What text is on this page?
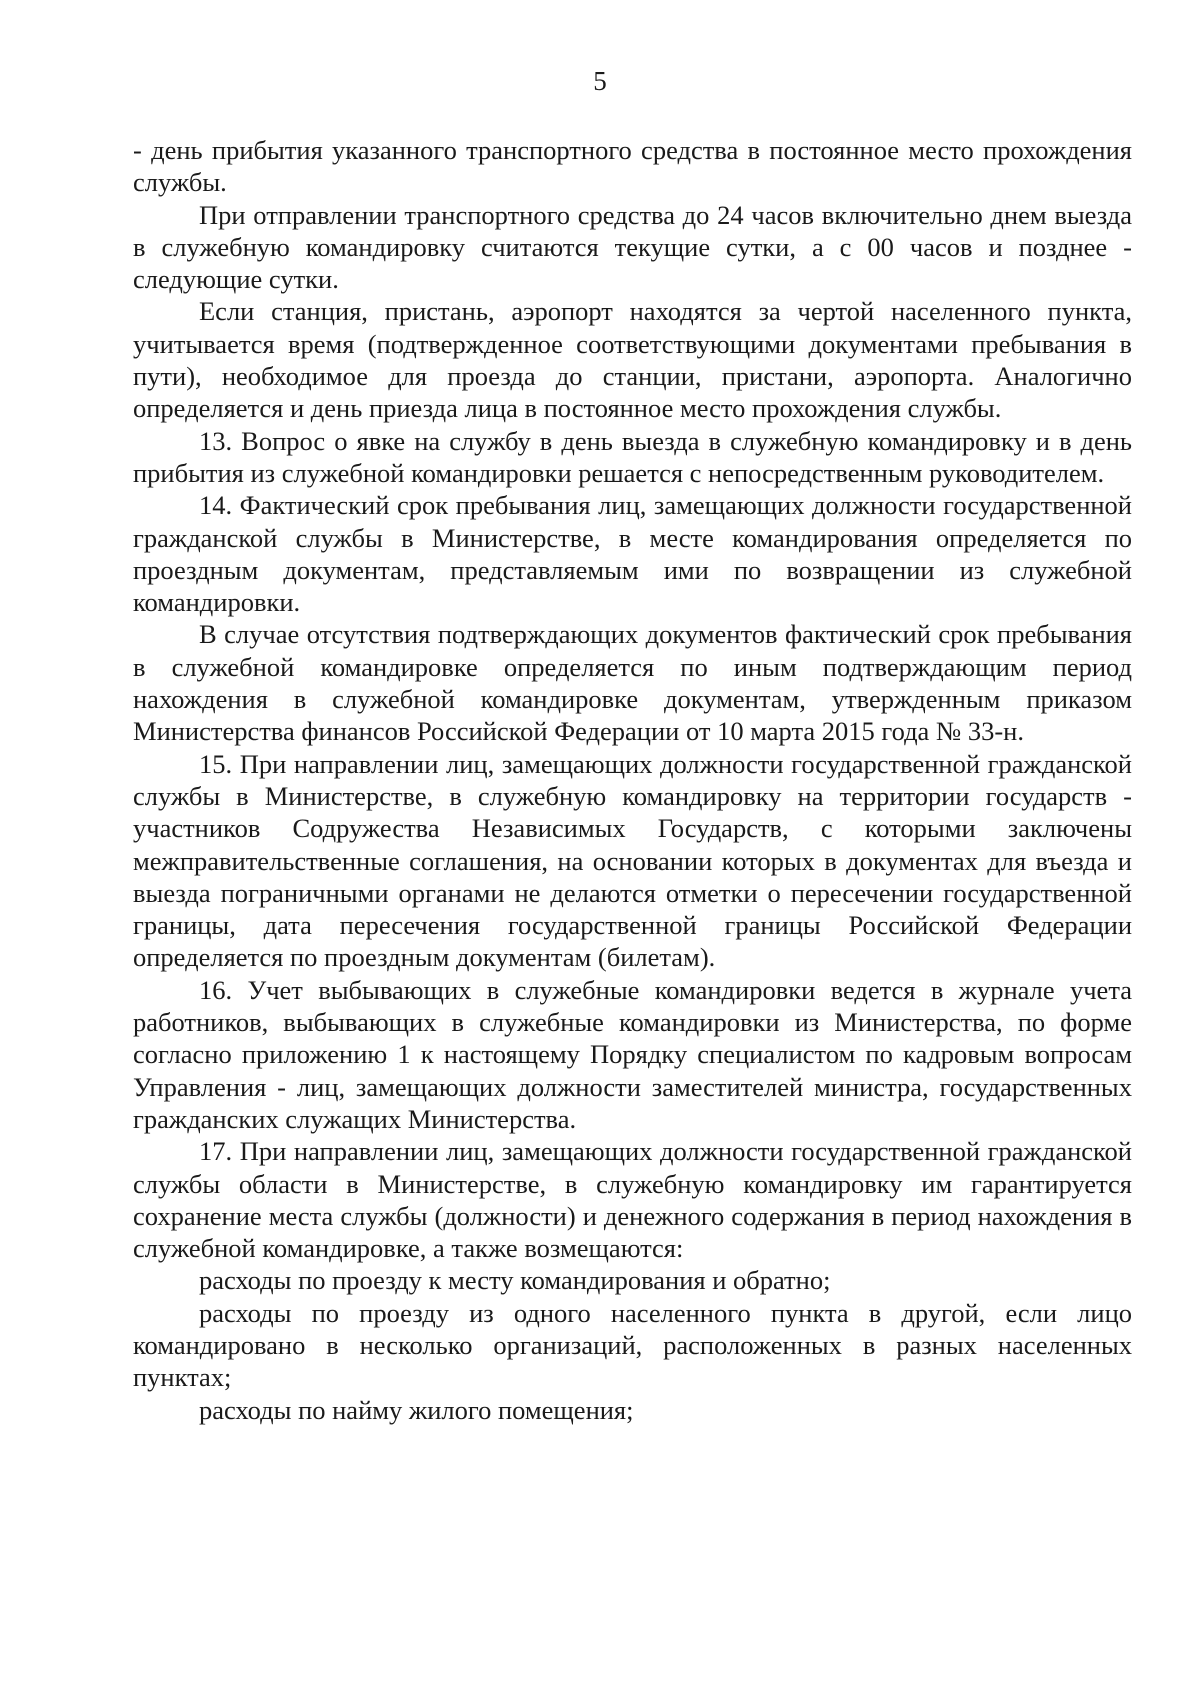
5

- день прибытия указанного транспортного средства в постоянное место прохождения службы.

При отправлении транспортного средства до 24 часов включительно днем выезда в служебную командировку считаются текущие сутки, а с 00 часов и позднее - следующие сутки.

Если станция, пристань, аэропорт находятся за чертой населенного пункта, учитывается время (подтвержденное соответствующими документами пребывания в пути), необходимое для проезда до станции, пристани, аэропорта. Аналогично определяется и день приезда лица в постоянное место прохождения службы.

13. Вопрос о явке на службу в день выезда в служебную командировку и в день прибытия из служебной командировки решается с непосредственным руководителем.

14. Фактический срок пребывания лиц, замещающих должности государственной гражданской службы в Министерстве, в месте командирования определяется по проездным документам, представляемым ими по возвращении из служебной командировки.

В случае отсутствия подтверждающих документов фактический срок пребывания в служебной командировке определяется по иным подтверждающим период нахождения в служебной командировке документам, утвержденным приказом Министерства финансов Российской Федерации от 10 марта 2015 года № 33-н.

15. При направлении лиц, замещающих должности государственной гражданской службы в Министерстве, в служебную командировку на территории государств - участников Содружества Независимых Государств, с которыми заключены межправительственные соглашения, на основании которых в документах для въезда и выезда пограничными органами не делаются отметки о пересечении государственной границы, дата пересечения государственной границы Российской Федерации определяется по проездным документам (билетам).

16. Учет выбывающих в служебные командировки ведется в журнале учета работников, выбывающих в служебные командировки из Министерства, по форме согласно приложению 1 к настоящему Порядку специалистом по кадровым вопросам Управления - лиц, замещающих должности заместителей министра, государственных гражданских служащих Министерства.

17. При направлении лиц, замещающих должности государственной гражданской службы области в Министерстве, в служебную командировку им гарантируется сохранение места службы (должности) и денежного содержания в период нахождения в служебной командировке, а также возмещаются:

расходы по проезду к месту командирования и обратно;

расходы по проезду из одного населенного пункта в другой, если лицо командировано в несколько организаций, расположенных в разных населенных пунктах;

расходы по найму жилого помещения;
